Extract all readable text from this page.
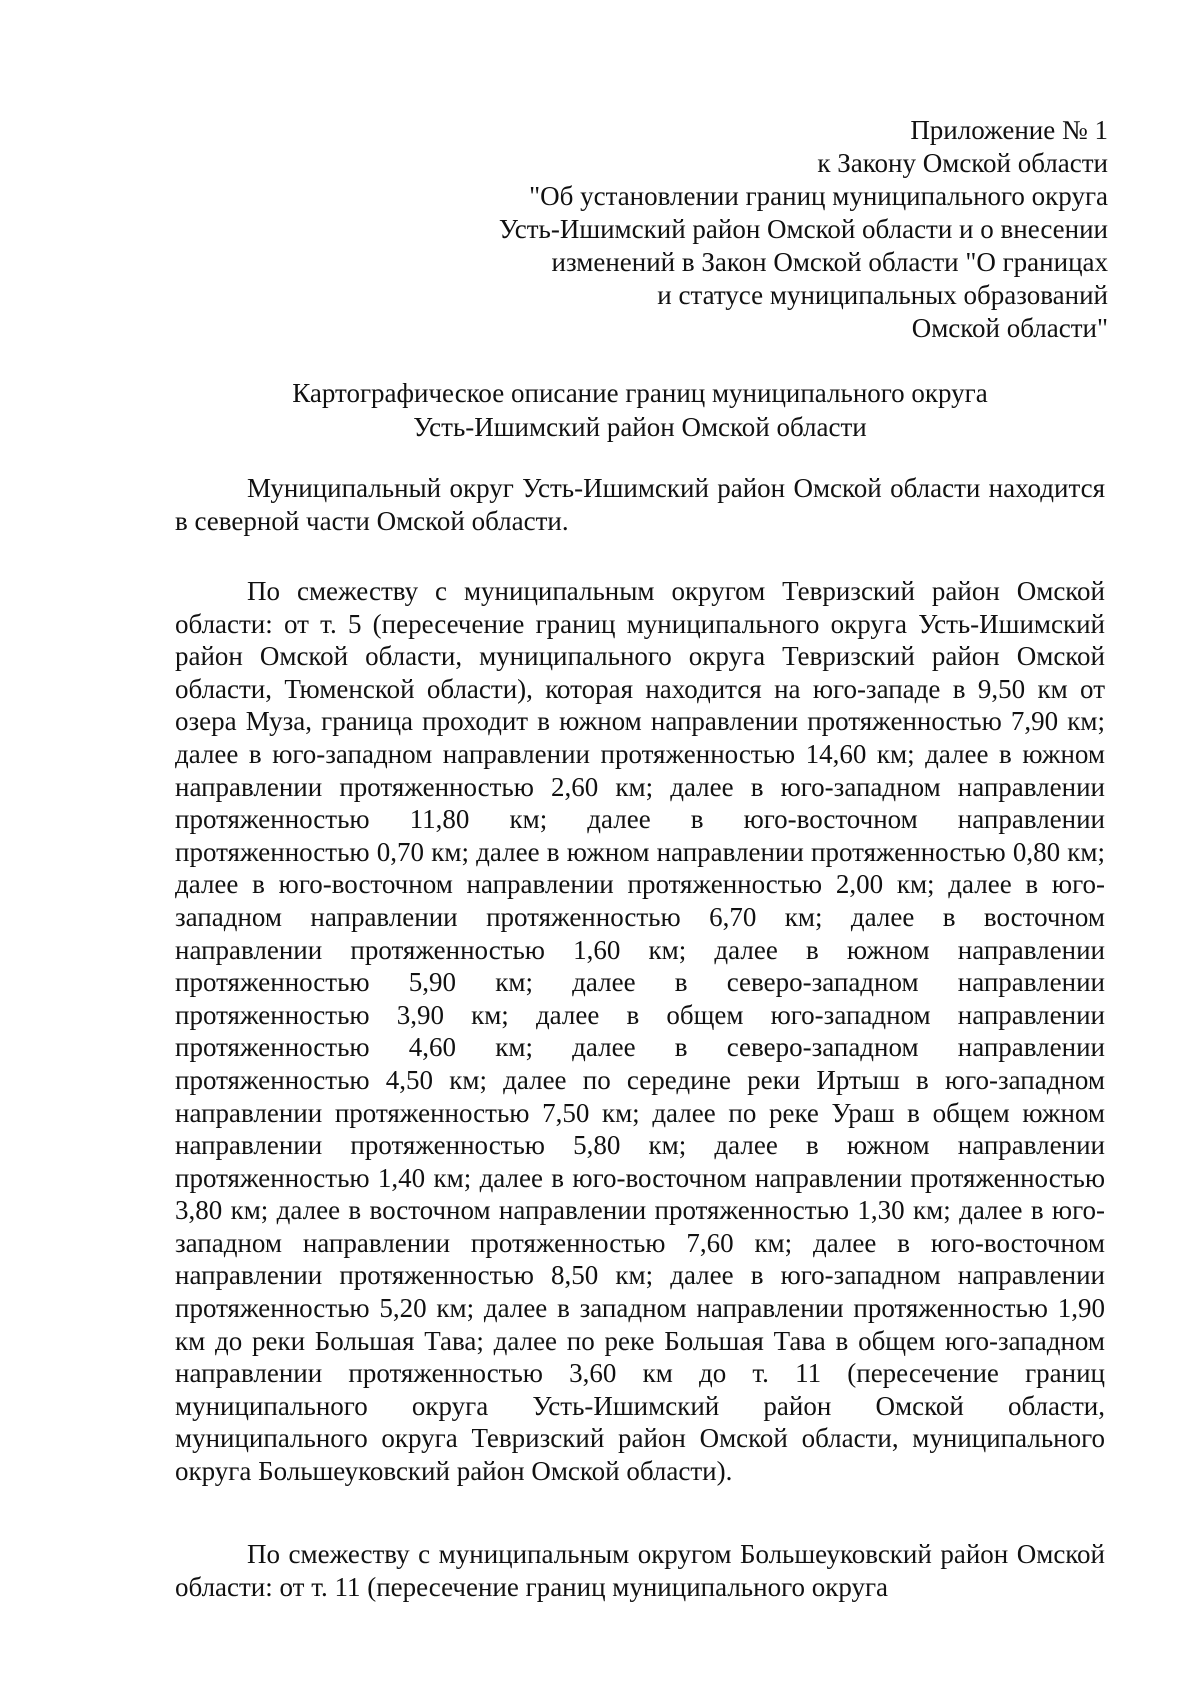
Приложение № 1
к Закону Омской области
"Об установлении границ муниципального округа
Усть-Ишимский район Омской области и о внесении
изменений в Закон Омской области "О границах
и статусе муниципальных образований
Омской области"
Картографическое описание границ муниципального округа
Усть-Ишимский район Омской области

Муниципальный округ Усть-Ишимский район Омской области находится в северной части Омской области.

По смежеству с муниципальным округом Тевризский район Омской области: от т. 5 (пересечение границ муниципального округа Усть-Ишимский район Омской области, муниципального округа Тевризский район Омской области, Тюменской области), которая находится на юго-западе в 9,50 км от озера Муза, граница проходит в южном направлении протяженностью 7,90 км; далее в юго-западном направлении протяженностью 14,60 км; далее в южном направлении протяженностью 2,60 км; далее в юго-западном направлении протяженностью 11,80 км; далее в юго-восточном направлении протяженностью 0,70 км; далее в южном направлении протяженностью 0,80 км; далее в юго-восточном направлении протяженностью 2,00 км; далее в юго-западном направлении протяженностью 6,70 км; далее в восточном направлении протяженностью 1,60 км; далее в южном направлении протяженностью 5,90 км; далее в северо-западном направлении протяженностью 3,90 км; далее в общем юго-западном направлении протяженностью 4,60 км; далее в северо-западном направлении протяженностью 4,50 км; далее по середине реки Иртыш в юго-западном направлении протяженностью 7,50 км; далее по реке Ураш в общем южном направлении протяженностью 5,80 км; далее в южном направлении протяженностью 1,40 км; далее в юго-восточном направлении протяженностью 3,80 км; далее в восточном направлении протяженностью 1,30 км; далее в юго-западном направлении протяженностью 7,60 км; далее в юго-восточном направлении протяженностью 8,50 км; далее в юго-западном направлении протяженностью 5,20 км; далее в западном направлении протяженностью 1,90 км до реки Большая Тава; далее по реке Большая Тава в общем юго-западном направлении протяженностью 3,60 км до т. 11 (пересечение границ муниципального округа Усть-Ишимский район Омской области, муниципального округа Тевризский район Омской области, муниципального округа Большеуковский район Омской области).

По смежеству с муниципальным округом Большеуковский район Омской области: от т. 11 (пересечение границ муниципального округа
